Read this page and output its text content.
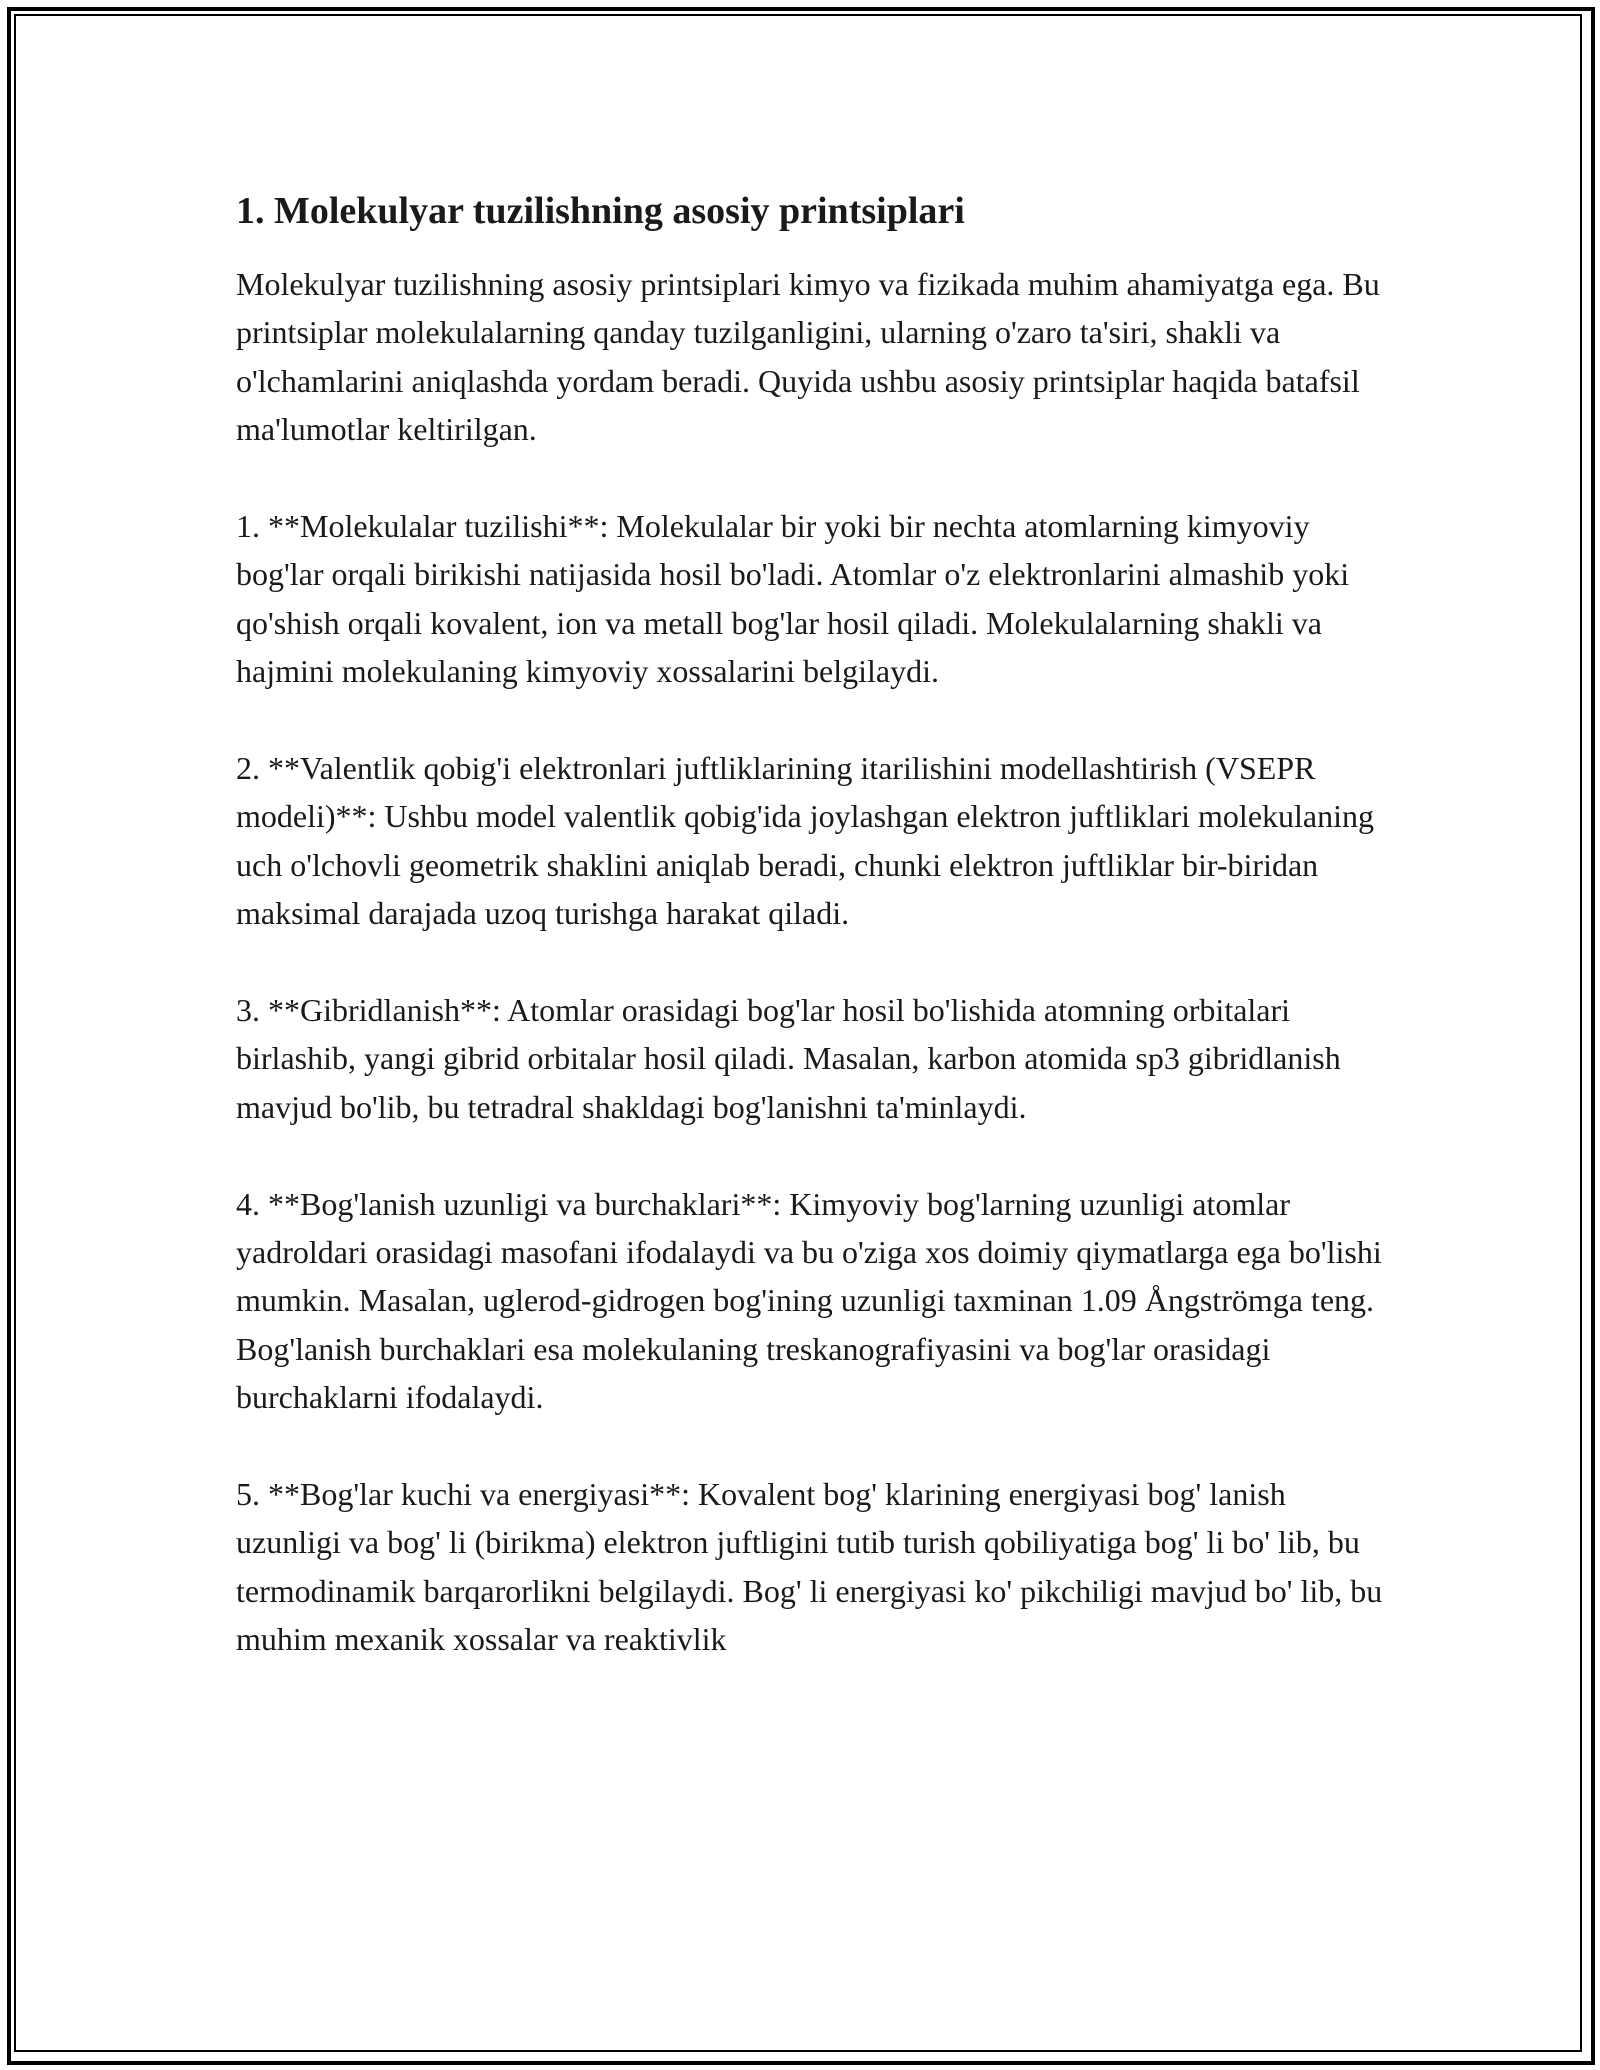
1. Molekulyar tuzilishning asosiy printsiplari

Molekulyar tuzilishning asosiy printsiplari kimyo va fizikada muhim ahamiyatga ega. Bu printsiplar molekulalarning qanday tuzilganligini, ularning o'zaro ta'siri, shakli va o'lchamlarini aniqlashda yordam beradi. Quyida ushbu asosiy printsiplar haqida batafsil ma'lumotlar keltirilgan.

1. **Molekulalar tuzilishi**: Molekulalar bir yoki bir nechta atomlarning kimyoviy bog'lar orqali birikishi natijasida hosil bo'ladi. Atomlar o'z elektronlarini almashib yoki qo'shish orqali kovalent, ion va metall bog'lar hosil qiladi. Molekulalarning shakli va hajmini molekulaning kimyoviy xossalarini belgilaydi.

2. **Valentlik qobig'i elektronlari juftliklarining itarilishini modellashtirish (VSEPR modeli)**: Ushbu model valentlik qobig'ida joylashgan elektron juftliklari molekulaning uch o'lchovli geometrik shaklini aniqlab beradi, chunki elektron juftliklar bir-biridan maksimal darajada uzoq turishga harakat qiladi.

3. **Gibridlanish**: Atomlar orasidagi bog'lar hosil bo'lishida atomning orbitalari birlashib, yangi gibrid orbitalar hosil qiladi. Masalan, karbon atomida sp3 gibridlanish mavjud bo'lib, bu tetradral shakldagi bog'lanishni ta'minlaydi.

4. **Bog'lanish uzunligi va burchaklari**: Kimyoviy bog'larning uzunligi atomlar yadroldari orasidagi masofani ifodalaydi va bu o'ziga xos doimiy qiymatlarga ega bo'lishi mumkin. Masalan, uglerod-gidrogen bog'ining uzunligi taxminan 1.09 Ångströmga teng. Bog'lanish burchaklari esa molekulaning treskanografiyasini va bog'lar orasidagi burchaklarni ifodalaydi.

5. **Bog'lar kuchi va energiyasi**: Kovalent bog' klarining energiyasi bog' lanish uzunligi va bog' li (birikma) elektron juftligini tutib turish qobiliyatiga bog' li bo' lib, bu termodinamik barqarorlikni belgilaydi. Bog' li energiyasi ko' pikchiligi mavjud bo' lib, bu muhim mexanik xossalar va reaktivlik
